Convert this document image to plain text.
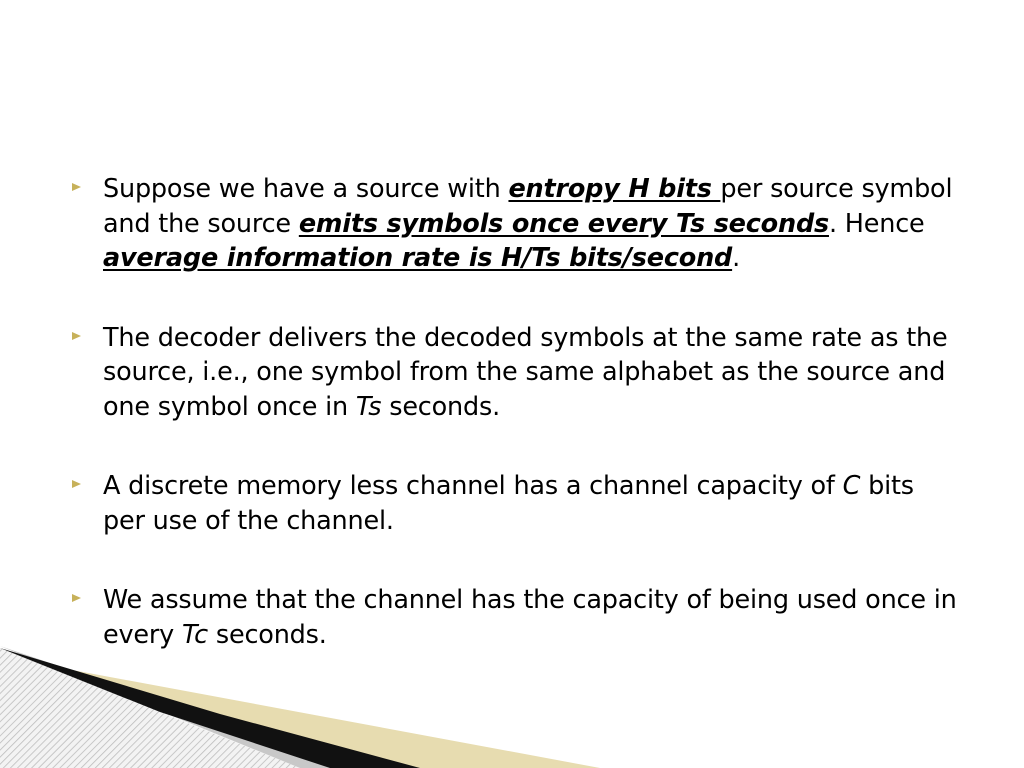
Suppose we have a source with entropy H bits per source symbol and the source emits symbols once every Ts seconds. Hence average information rate is H/Ts bits/second.
The decoder delivers the decoded symbols at the same rate as the source, i.e., one symbol from the same alphabet as the source and one symbol once in Ts seconds.
A discrete memory less channel has a channel capacity of C bits per use of the channel.
We assume that the channel has the capacity of being used once in every Tc seconds.
